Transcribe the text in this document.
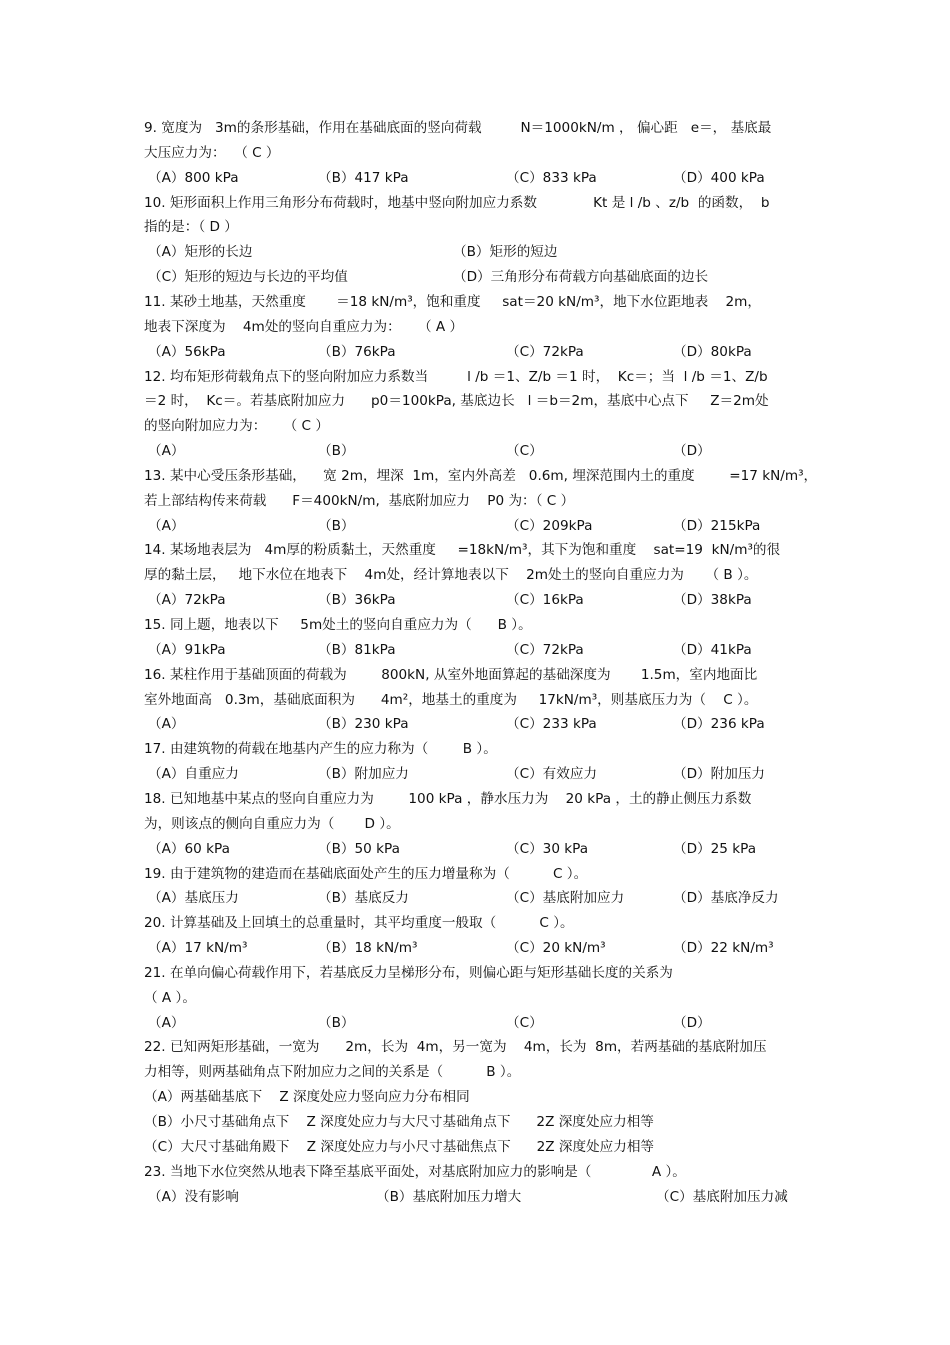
9. 宽度为   3m的条形基础，作用在基础底面的竖向荷载         N＝1000kN/m ， 偏心距   e＝， 基底最
大压应力为：  （ C ）
（A）800 kPa	（B）417 kPa	（C）833 kPa	（D）400 kPa
10. 矩形面积上作用三角形分布荷载时，地基中竖向附加应力系数             Kt 是 l /b 、z/b  的函数，  b
指的是：（ D ）
（A）矩形的长边	（B）矩形的短边
（C）矩形的短边与长边的平均值	（D）三角形分布荷载方向基础底面的边长
11. 某砂土地基，天然重度       ＝18 kN/m³，饱和重度     sat＝20 kN/m³，地下水位距地表    2m，
地表下深度为    4m处的竖向自重应力为：    （ A ）
（A）56kPa	（B）76kPa	（C）72kPa	（D）80kPa
12. 均布矩形荷载角点下的竖向附加应力系数当         l /b ＝1、Z/b ＝1 时，  Kc＝；当  l /b ＝1、Z/b
＝2 时，  Kc＝。若基底附加应力      p0＝100kPa, 基底边长   l ＝b＝2m，基底中心点下     Z＝2m处
的竖向附加应力为：    （ C ）
（A）	（B）	（C）	（D）
13. 某中心受压条形基础，    宽 2m，埋深  1m，室内外高差   0.6m, 埋深范围内土的重度        =17 kN/m³，
若上部结构传来荷载      F＝400kN/m,  基底附加应力    P0 为：（ C ）
（A）	（B）	（C）209kPa	（D）215kPa
14. 某场地表层为   4m厚的粉质黏土，天然重度     =18kN/m³，其下为饱和重度    sat=19  kN/m³的很
厚的黏土层，   地下水位在地表下    4m处，经计算地表以下    2m处土的竖向自重应力为     （ B ）。
（A）72kPa	（B）36kPa	（C）16kPa	（D）38kPa
15. 同上题，地表以下     5m处土的竖向自重应力为（      B ）。
（A）91kPa	（B）81kPa	（C）72kPa	（D）41kPa
16. 某柱作用于基础顶面的荷载为        800kN, 从室外地面算起的基础深度为       1.5m，室内地面比
室外地面高   0.3m，基础底面积为      4m²，地基土的重度为     17kN/m³，则基底压力为（    C ）。
（A）	（B）230 kPa	（C）233 kPa	（D）236 kPa
17. 由建筑物的荷载在地基内产生的应力称为（        B ）。
（A）自重应力	（B）附加应力	（C）有效应力	（D）附加压力
18. 已知地基中某点的竖向自重应力为        100 kPa ，静水压力为    20 kPa ，土的静止侧压力系数
为，则该点的侧向自重应力为（       D ）。
（A）60 kPa	（B）50 kPa	（C）30 kPa	（D）25 kPa
19. 由于建筑物的建造而在基础底面处产生的压力增量称为（          C ）。
（A）基底压力	（B）基底反力	（C）基底附加应力	（D）基底净反力
20. 计算基础及上回填土的总重量时，其平均重度一般取（          C ）。
（A）17 kN/m³	（B）18 kN/m³	（C）20 kN/m³	（D）22 kN/m³
21. 在单向偏心荷载作用下，若基底反力呈梯形分布，则偏心距与矩形基础长度的关系为
（ A ）。
（A）	（B）	（C）	（D）
22. 已知两矩形基础，一宽为      2m，长为  4m，另一宽为    4m，长为  8m，若两基础的基底附加压
力相等，则两基础角点下附加应力之间的关系是（          B ）。
（A）两基础基底下    Z 深度处应力竖向应力分布相同
（B）小尺寸基础角点下    Z 深度处应力与大尺寸基础角点下      2Z 深度处应力相等
（C）大尺寸基础角殿下    Z 深度处应力与小尺寸基础焦点下      2Z 深度处应力相等
23. 当地下水位突然从地表下降至基底平面处，对基底附加应力的影响是（              A ）。
（A）没有影响	（B）基底附加压力增大	（C）基底附加压力减
